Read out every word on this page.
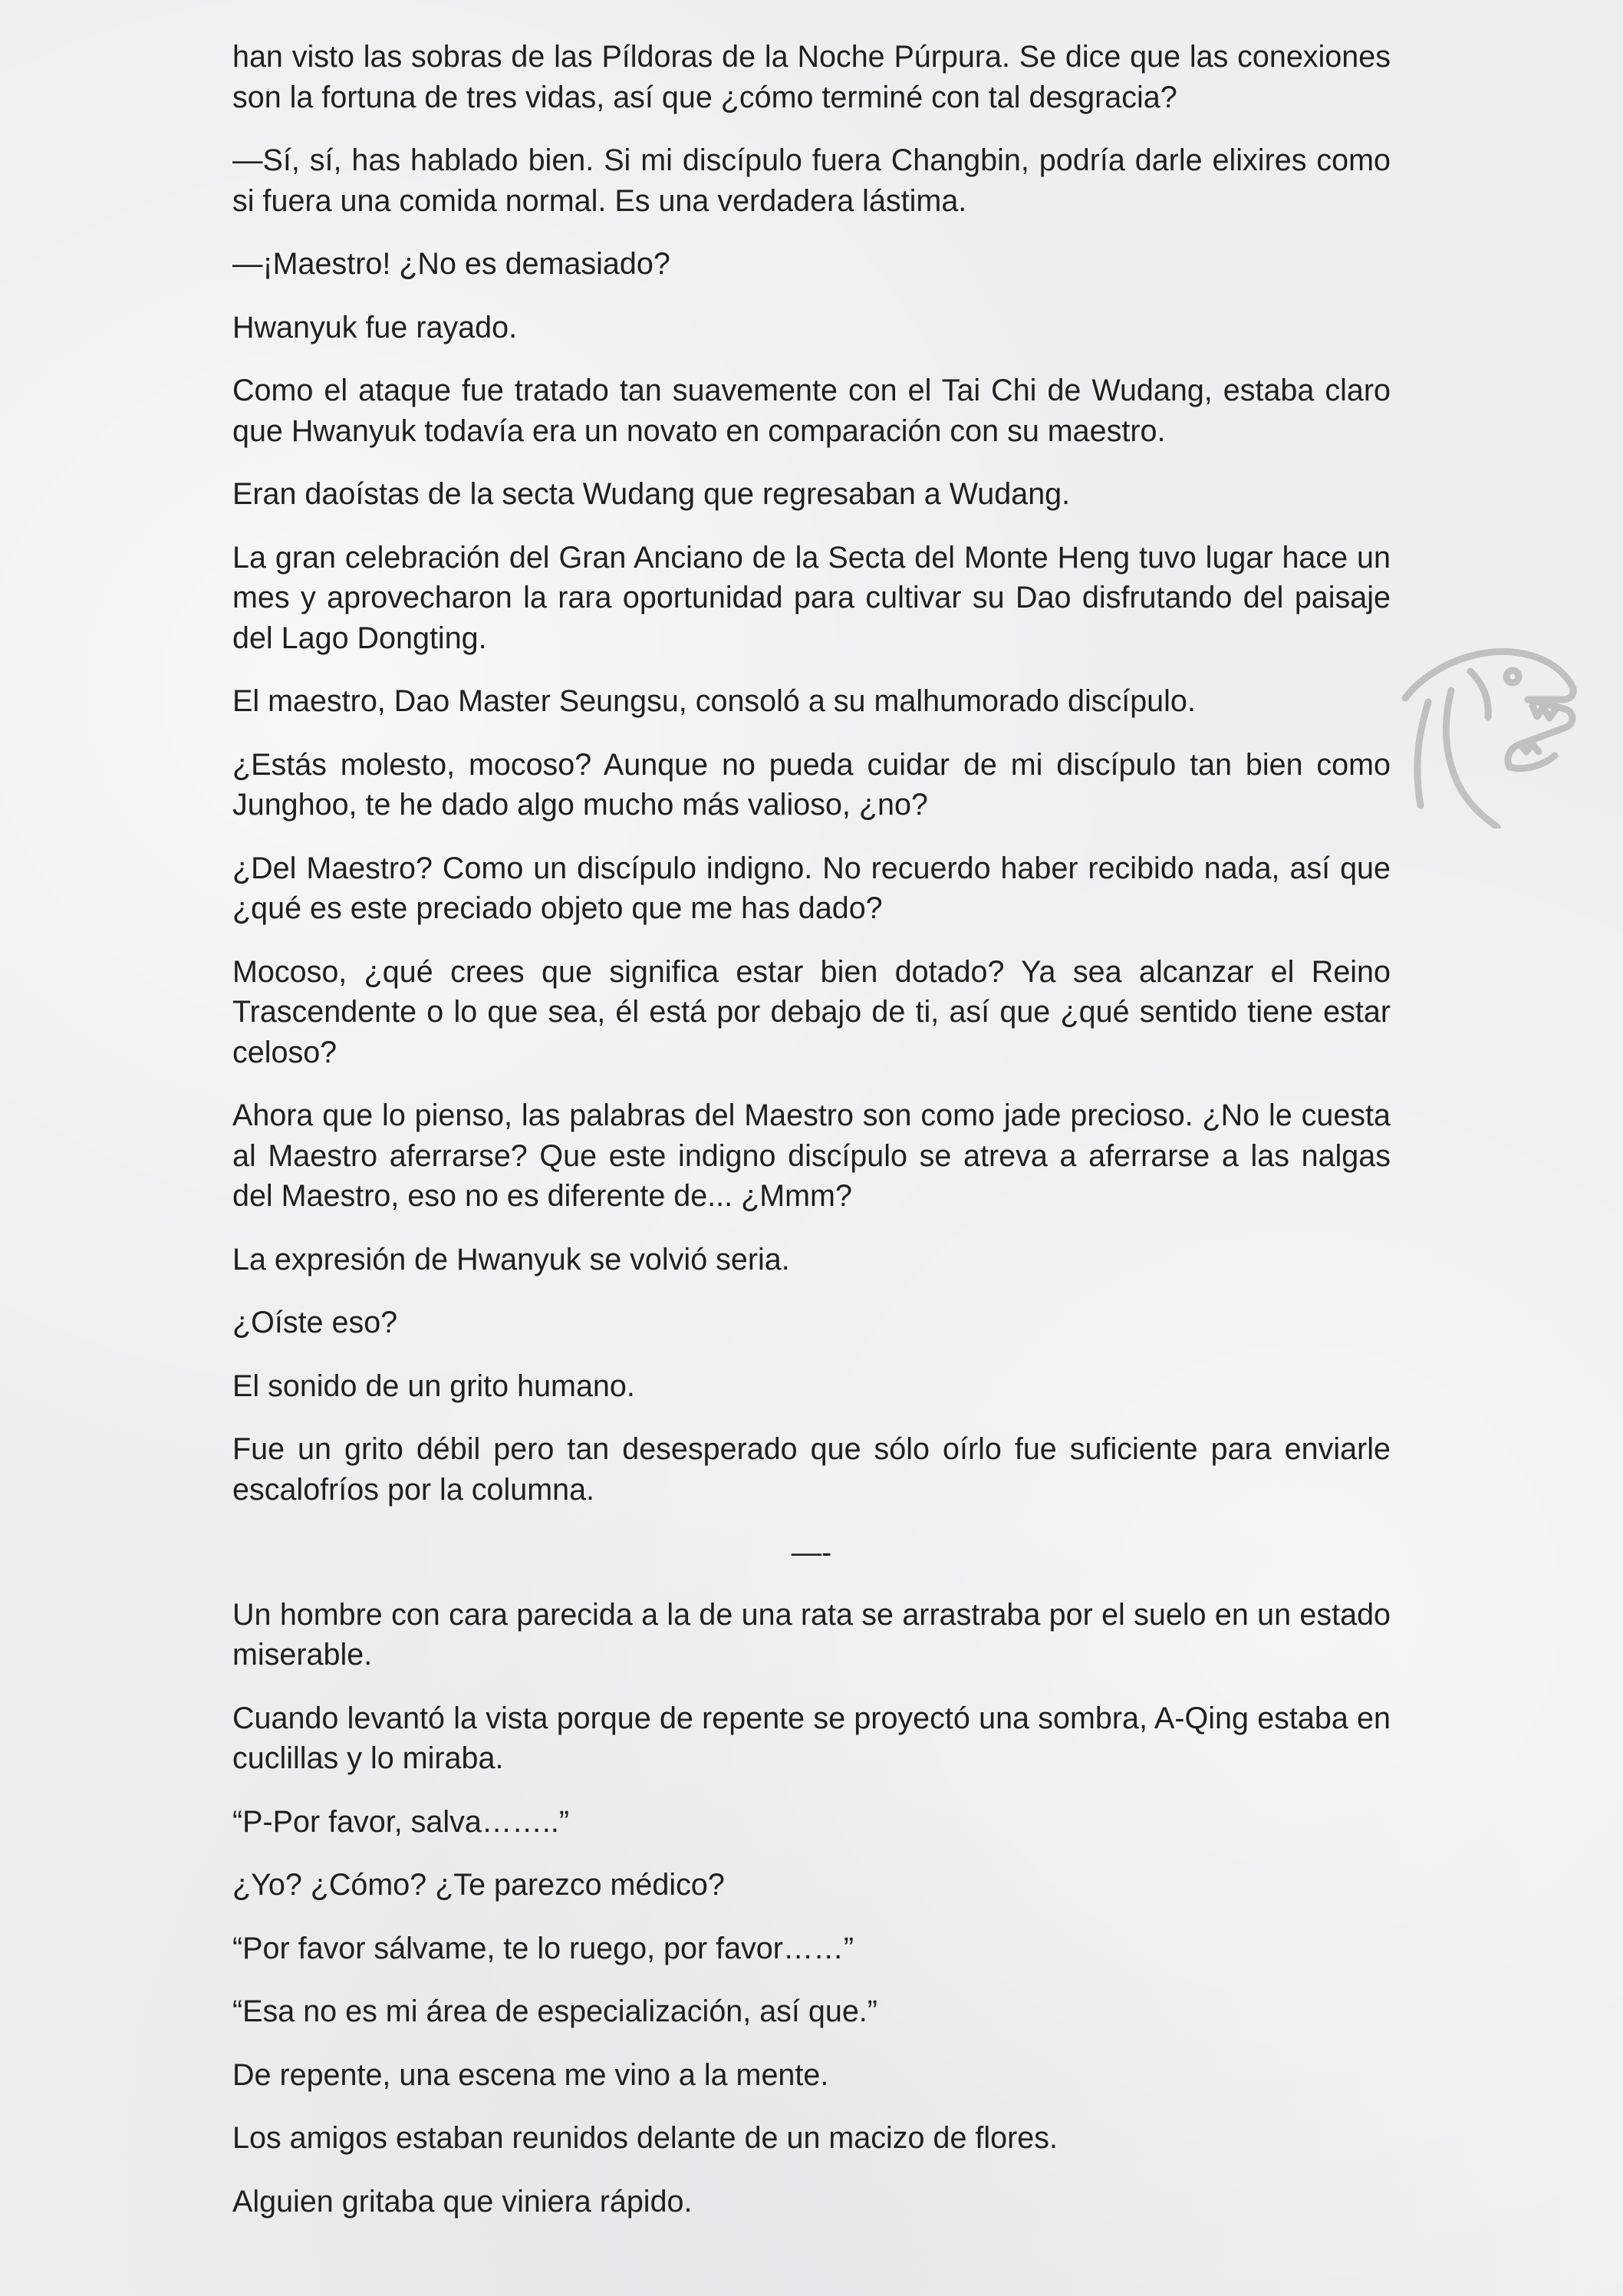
han visto las sobras de las Píldoras de la Noche Púrpura. Se dice que las conexiones son la fortuna de tres vidas, así que ¿cómo terminé con tal desgracia?

—Sí, sí, has hablado bien. Si mi discípulo fuera Changbin, podría darle elixires como si fuera una comida normal. Es una verdadera lástima.

—¡Maestro! ¿No es demasiado?

Hwanyuk fue rayado.

Como el ataque fue tratado tan suavemente con el Tai Chi de Wudang, estaba claro que Hwanyuk todavía era un novato en comparación con su maestro.

Eran daoístas de la secta Wudang que regresaban a Wudang.

La gran celebración del Gran Anciano de la Secta del Monte Heng tuvo lugar hace un mes y aprovecharon la rara oportunidad para cultivar su Dao disfrutando del paisaje del Lago Dongting.

El maestro, Dao Master Seungsu, consoló a su malhumorado discípulo.

¿Estás molesto, mocoso? Aunque no pueda cuidar de mi discípulo tan bien como Junghoo, te he dado algo mucho más valioso, ¿no?

¿Del Maestro? Como un discípulo indigno. No recuerdo haber recibido nada, así que ¿qué es este preciado objeto que me has dado?

Mocoso, ¿qué crees que significa estar bien dotado? Ya sea alcanzar el Reino Trascendente o lo que sea, él está por debajo de ti, así que ¿qué sentido tiene estar celoso?

Ahora que lo pienso, las palabras del Maestro son como jade precioso. ¿No le cuesta al Maestro aferrarse? Que este indigno discípulo se atreva a aferrarse a las nalgas del Maestro, eso no es diferente de... ¿Mmm?

La expresión de Hwanyuk se volvió seria.

¿Oíste eso?

El sonido de un grito humano.

Fue un grito débil pero tan desesperado que sólo oírlo fue suficiente para enviarle escalofríos por la columna.

—-

Un hombre con cara parecida a la de una rata se arrastraba por el suelo en un estado miserable.

Cuando levantó la vista porque de repente se proyectó una sombra, A-Qing estaba en cuclillas y lo miraba.

“P-Por favor, salva……..”

¿Yo? ¿Cómo? ¿Te parezco médico?

“Por favor sálvame, te lo ruego, por favor……”

“Esa no es mi área de especialización, así que.”

De repente, una escena me vino a la mente.

Los amigos estaban reunidos delante de un macizo de flores.

Alguien gritaba que viniera rápido.
